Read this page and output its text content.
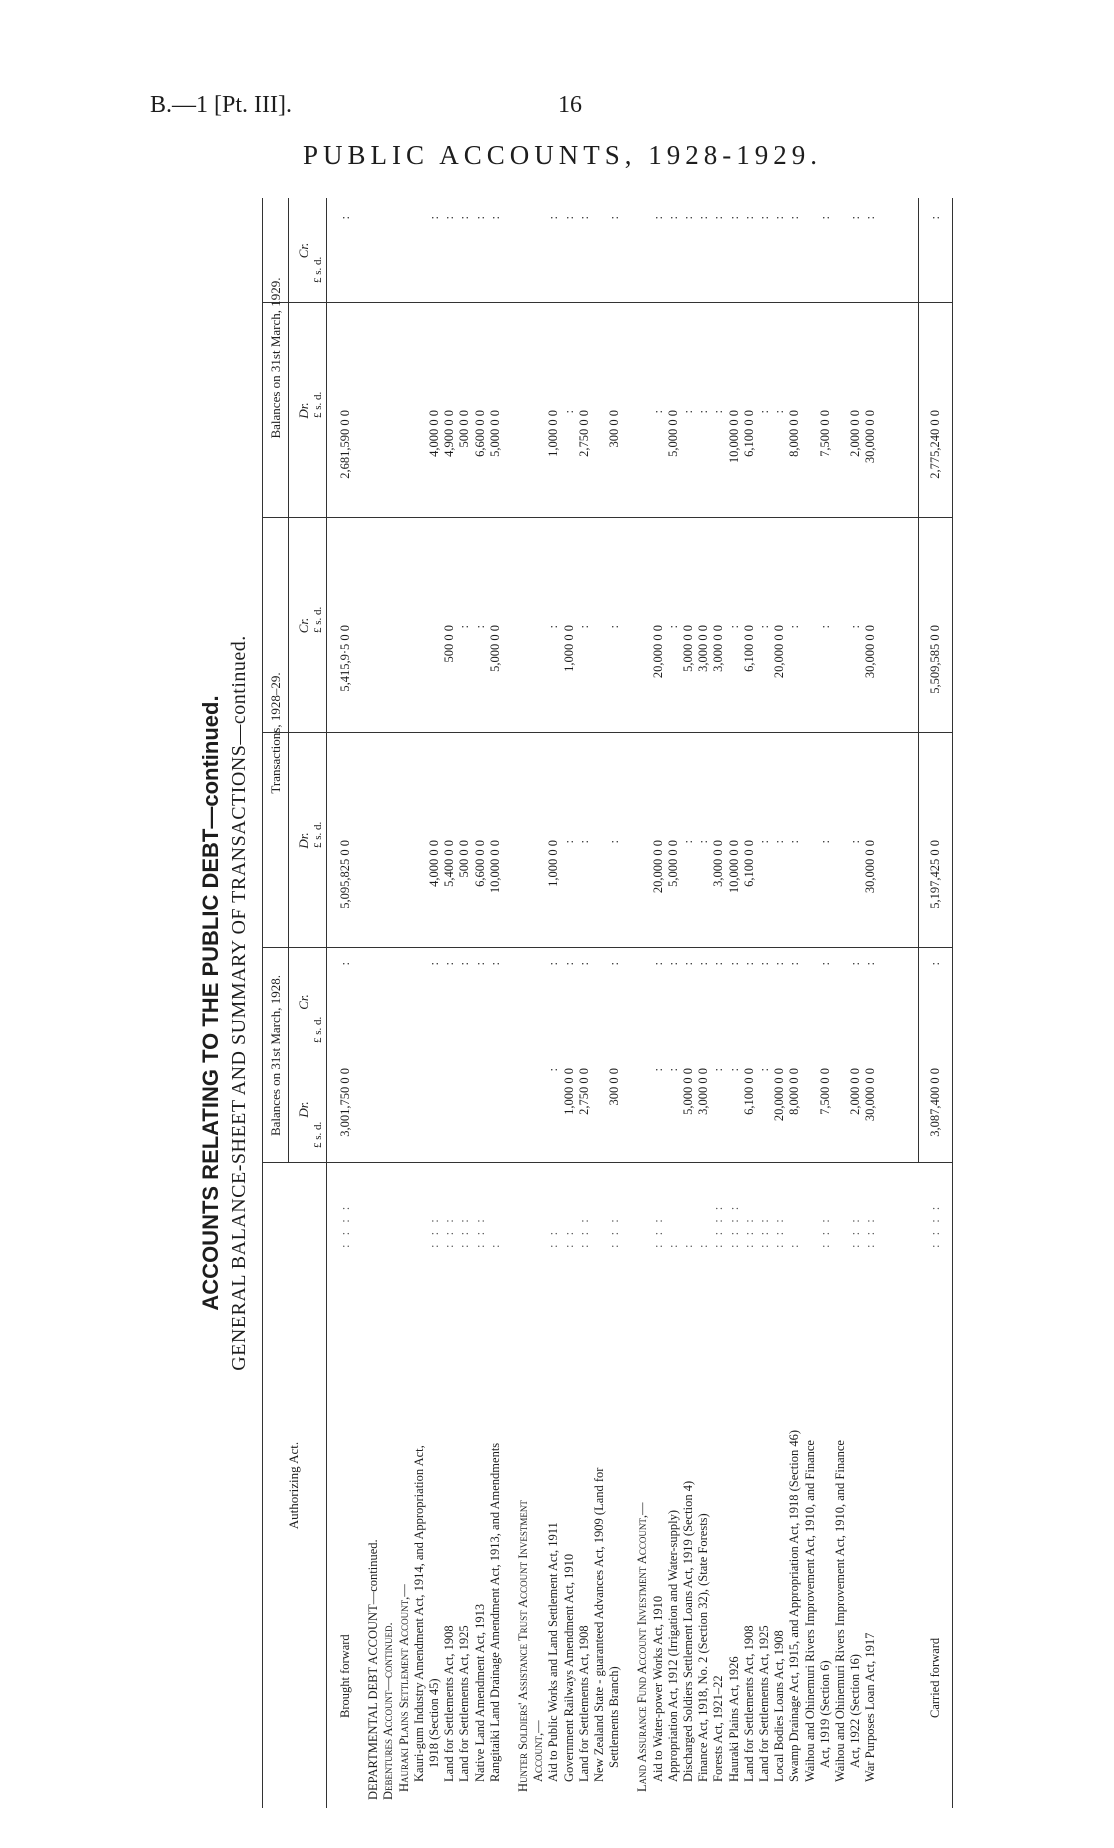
B.—1 [Pt. III].	16
PUBLIC ACCOUNTS, 1928-1929.
ACCOUNTS RELATING TO THE PUBLIC DEBT—continued. GENERAL BALANCE-SHEET AND SUMMARY OF TRANSACTIONS—continued.
Authorizing Act.
Balances on 31st March, 1928.
Transactions, 1928–29.
Balances on 31st March, 1929.
Dr.
Cr.
Dr.
Cr.
Dr.
Cr.
£ s. d.
£ s. d.
£ s. d.
£ s. d.
£ s. d.
£ s. d.
Brought forward
: : : :
3,001,750 0 0
:
5,095,825 0 0
5,415,9·5 0 0
2,681,590 0 0
:
DEPARTMENTAL DEBT ACCOUNT—continued. Debentures Account—continued. Hauraki Plains Settlement Account,— Kauri-gum Industry Amendment Act, 1914, and Appropriation Act, 1918 (Section 45)
: : :
:
4,000 0 0
4,000 0 0
:
Land for Settlements Act, 1908
: : :
:
5,400 0 0
500 0 0
4,900 0 0
:
Land for Settlements Act, 1925
: : :
:
500 0 0
:
500 0 0
:
Native Land Amendment Act, 1913
: : :
:
6,600 0 0
:
6,600 0 0
:
Rangitaiki Land Drainage Amendment Act, 1913, and Amendments
:
:
10,000 0 0
5,000 0 0
5,000 0 0
:
Hunter Soldiers' Assistance Trust Account Investment Account,— Aid to Public Works and Land Settlement Act, 1911
: :
:
:
1,000 0 0
:
1,000 0 0
:
Government Railways Amendment Act, 1910
: :
1,000 0 0
:
:
1,000 0 0
:
:
Land for Settlements Act, 1908
: : :
2,750 0 0
:
:
:
2,750 0 0
:
New Zealand State - guaranteed Advances Act, 1909 (Land for Settlements Branch)
: : :
300 0 0
:
:
:
300 0 0
:
Land Assurance Fund Account Investment Account,— Aid to Water-power Works Act, 1910
: : :
:
:
20,000 0 0
20,000 0 0
:
:
Appropriation Act, 1912 (Irrigation and Water-supply)
:
:
:
5,000 0 0
:
5,000 0 0
:
Discharged Soldiers Settlement Loans Act, 1919 (Section 4)
:
5,000 0 0
:
:
5,000 0 0
:
:
Finance Act, 1918, No. 2 (Section 32), (State Forests)
:
3,000 0 0
:
:
3,000 0 0
:
:
Forests Act, 1921–22
: : : :
:
:
3,000 0 0
3,000 0 0
:
:
Hauraki Plains Act, 1926
: : : :
:
:
10,000 0 0
:
10,000 0 0
:
Land for Settlements Act, 1908
: : :
6,100 0 0
:
6,100 0 0
6,100 0 0
6,100 0 0
:
Land for Settlements Act, 1925
: : :
:
:
:
:
:
:
Local Bodies Loans Act, 1908
: : :
20,000 0 0
:
:
20,000 0 0
:
:
Swamp Drainage Act, 1915, and Appropriation Act, 1918 (Section 46)
:
8,000 0 0
:
:
:
8,000 0 0
:
Waihou and Ohinemuri Rivers Improvement Act, 1910, and Finance Act, 1919 (Section 6)
: : :
7,500 0 0
:
:
:
7,500 0 0
:
Waihou and Ohinemuri Rivers Improvement Act, 1910, and Finance Act, 1922 (Section 16)
: : :
2,000 0 0
:
:
:
2,000 0 0
:
War Purposes Loan Act, 1917
: : :
30,000 0 0
:
30,000 0 0
30,000 0 0
30,000 0 0
:
Carried forward
: : : :
3,087,400 0 0
:
5,197,425 0 0
5,509,585 0 0
2,775,240 0 0
:
